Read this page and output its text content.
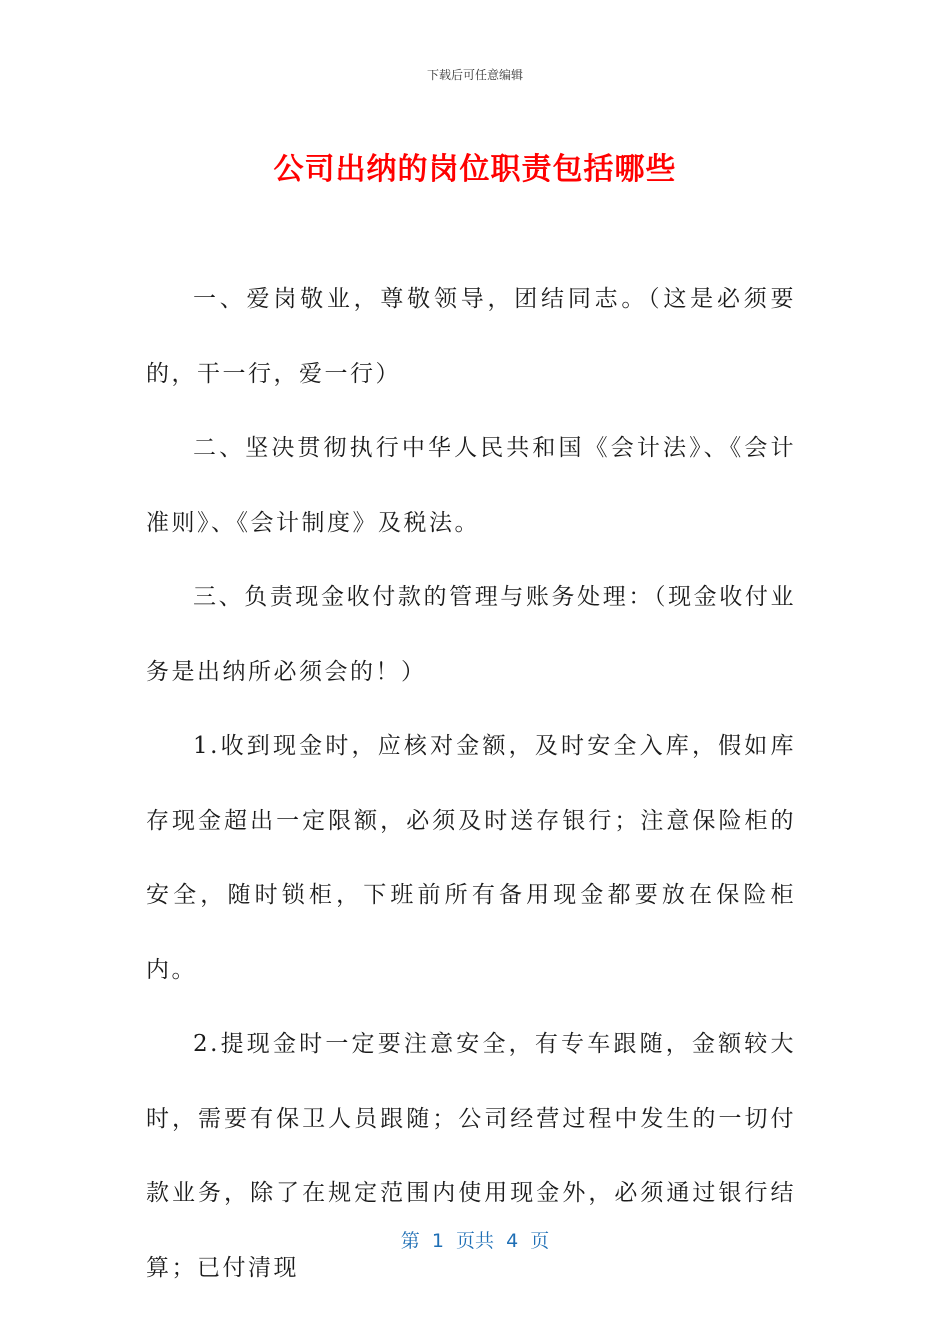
下载后可任意编辑
公司出纳的岗位职责包括哪些

一、爱岗敬业，尊敬领导，团结同志。（这是必须要的，干一行，爱一行）

二、坚决贯彻执行中华人民共和国《会计法》、《会计准则》、《会计制度》及税法。

三、负责现金收付款的管理与账务处理：（现金收付业务是出纳所必须会的！）

1.收到现金时，应核对金额，及时安全入库，假如库存现金超出一定限额，必须及时送存银行；注意保险柜的安全，随时锁柜，下班前所有备用现金都要放在保险柜内。

2.提现金时一定要注意安全，有专车跟随，金额较大时，需要有保卫人员跟随；公司经营过程中发生的一切付款业务，除了在规定范围内使用现金外，必须通过银行结算；已付清现

第  1  页共  4  页
